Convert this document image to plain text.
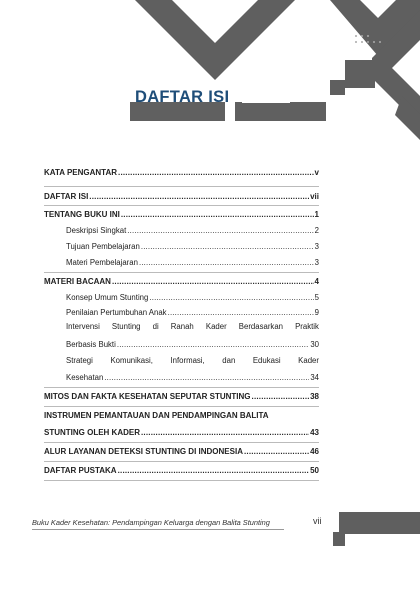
DAFTAR ISI
KATA PENGANTAR .....	v
DAFTAR ISI .....	vii
TENTANG BUKU INI .....	1
Deskripsi Singkat .....	2
Tujuan Pembelajaran .....	3
Materi Pembelajaran .....	3
MATERI BACAAN .....	4
Konsep Umum Stunting .....	5
Penilaian Pertumbuhan Anak .....	9
Intervensi Stunting di Ranah Kader Berdasarkan Praktik
Berbasis Bukti .....	30
Strategi Komunikasi, Informasi, dan Edukasi Kader
Kesehatan .....	34
MITOS DAN FAKTA KESEHATAN SEPUTAR STUNTING .....	38
INSTRUMEN PEMANTAUAN DAN PENDAMPINGAN BALITA
STUNTING OLEH KADER .....	43
ALUR LAYANAN DETEKSI STUNTING DI INDONESIA .....	46
DAFTAR PUSTAKA .....	50
Buku Kader Kesehatan: Pendampingan Keluarga dengan Balita Stunting	vii
